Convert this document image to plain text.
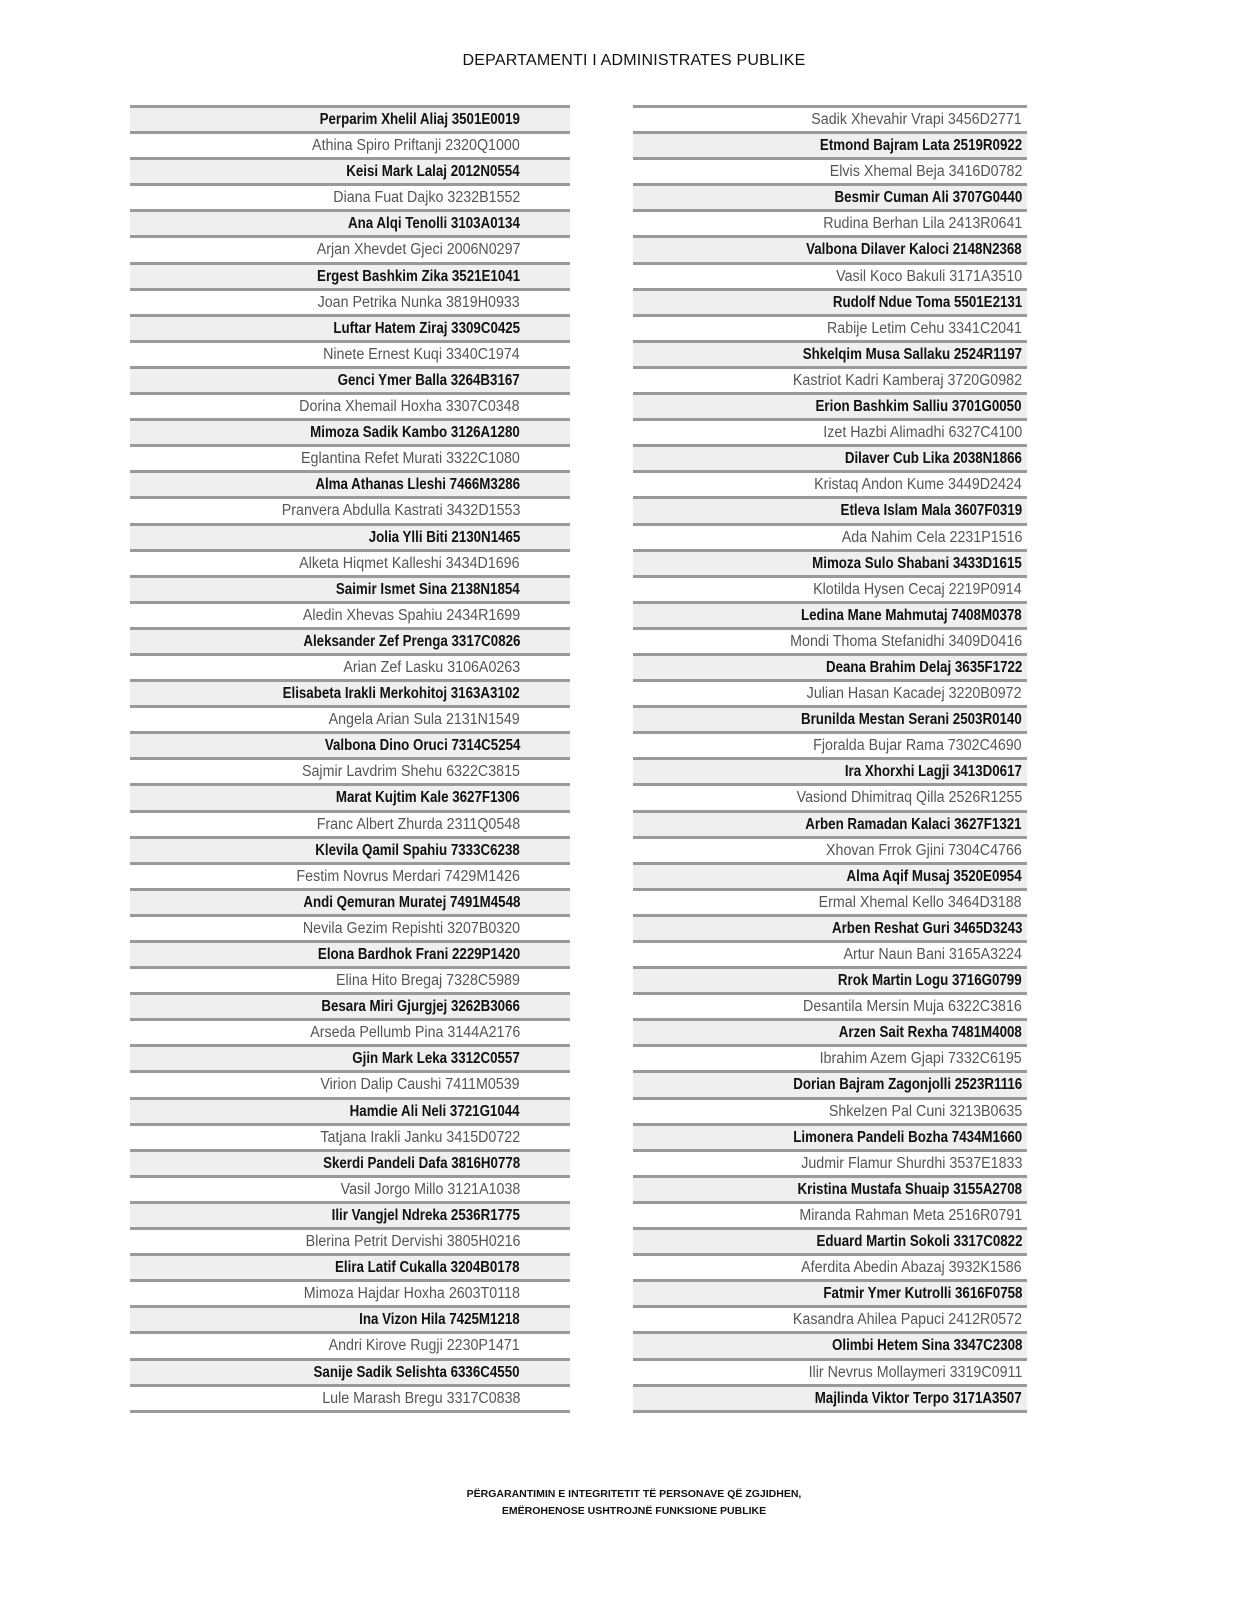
DEPARTAMENTI I ADMINISTRATES PUBLIKE
Perparim Xhelil Aliaj 3501E0019
Athina Spiro Priftanji 2320Q1000
Keisi Mark Lalaj 2012N0554
Diana Fuat Dajko 3232B1552
Ana Alqi Tenolli 3103A0134
Arjan Xhevdet Gjeci 2006N0297
Ergest Bashkim Zika 3521E1041
Joan Petrika Nunka 3819H0933
Luftar Hatem Ziraj 3309C0425
Ninete Ernest Kuqi 3340C1974
Genci Ymer Balla 3264B3167
Dorina Xhemail Hoxha 3307C0348
Mimoza Sadik Kambo 3126A1280
Eglantina Refet Murati 3322C1080
Alma Athanas Lleshi 7466M3286
Pranvera Abdulla Kastrati 3432D1553
Jolia Ylli Biti 2130N1465
Alketa Hiqmet Kalleshi 3434D1696
Saimir Ismet Sina 2138N1854
Aledin Xhevas Spahiu 2434R1699
Aleksander Zef Prenga 3317C0826
Arian Zef Lasku 3106A0263
Elisabeta Irakli Merkohitoj 3163A3102
Angela Arian Sula 2131N1549
Valbona Dino Oruci 7314C5254
Sajmir Lavdrim Shehu 6322C3815
Marat Kujtim Kale 3627F1306
Franc Albert Zhurda 2311Q0548
Klevila Qamil Spahiu 7333C6238
Festim Novrus Merdari 7429M1426
Andi Qemuran Muratej 7491M4548
Nevila Gezim Repishti 3207B0320
Elona Bardhok Frani 2229P1420
Elina Hito Bregaj 7328C5989
Besara Miri Gjurgjej 3262B3066
Arseda Pellumb Pina 3144A2176
Gjin Mark Leka 3312C0557
Virion Dalip Caushi 7411M0539
Hamdie Ali Neli 3721G1044
Tatjana Irakli Janku 3415D0722
Skerdi Pandeli Dafa 3816H0778
Vasil Jorgo Millo 3121A1038
Ilir Vangjel Ndreka 2536R1775
Blerina Petrit Dervishi 3805H0216
Elira Latif Cukalla 3204B0178
Mimoza Hajdar Hoxha 2603T0118
Ina Vizon Hila 7425M1218
Andri Kirove Rugji 2230P1471
Sanije Sadik Selishta 6336C4550
Lule Marash Bregu 3317C0838
Sadik Xhevahir Vrapi 3456D2771
Etmond Bajram Lata 2519R0922
Elvis Xhemal Beja 3416D0782
Besmir Cuman Ali 3707G0440
Rudina Berhan Lila 2413R0641
Valbona Dilaver Kaloci 2148N2368
Vasil Koco Bakuli 3171A3510
Rudolf Ndue Toma 5501E2131
Rabije Letim Cehu 3341C2041
Shkelqim Musa Sallaku 2524R1197
Kastriot Kadri Kamberaj 3720G0982
Erion Bashkim Salliu 3701G0050
Izet Hazbi Alimadhi 6327C4100
Dilaver Cub Lika 2038N1866
Kristaq Andon Kume 3449D2424
Etleva Islam Mala 3607F0319
Ada Nahim Cela 2231P1516
Mimoza Sulo Shabani 3433D1615
Klotilda Hysen Cecaj 2219P0914
Ledina Mane Mahmutaj 7408M0378
Mondi Thoma Stefanidhi 3409D0416
Deana Brahim Delaj 3635F1722
Julian Hasan Kacadej 3220B0972
Brunilda Mestan Serani 2503R0140
Fjoralda Bujar Rama 7302C4690
Ira Xhorxhi Lagji 3413D0617
Vasiond Dhimitraq Qilla 2526R1255
Arben Ramadan Kalaci 3627F1321
Xhovan Frrok Gjini 7304C4766
Alma Aqif Musaj 3520E0954
Ermal Xhemal Kello 3464D3188
Arben Reshat Guri 3465D3243
Artur Naun Bani 3165A3224
Rrok Martin Logu 3716G0799
Desantila Mersin Muja 6322C3816
Arzen Sait Rexha 7481M4008
Ibrahim Azem Gjapi 7332C6195
Dorian Bajram Zagonjolli 2523R1116
Shkelzen Pal Cuni 3213B0635
Limonera Pandeli Bozha 7434M1660
Judmir Flamur Shurdhi 3537E1833
Kristina Mustafa Shuaip 3155A2708
Miranda Rahman Meta 2516R0791
Eduard Martin Sokoli 3317C0822
Aferdita Abedin Abazaj 3932K1586
Fatmir Ymer Kutrolli 3616F0758
Kasandra Ahilea Papuci 2412R0572
Olimbi Hetem Sina 3347C2308
Ilir Nevrus Mollaymeri 3319C0911
Majlinda Viktor Terpo 3171A3507
PËRGARANTIMIN E INTEGRITETIT TË PERSONAVE QË ZGJIDHEN,
EMËROHENOSE USHTROJNË FUNKSIONE PUBLIKE
